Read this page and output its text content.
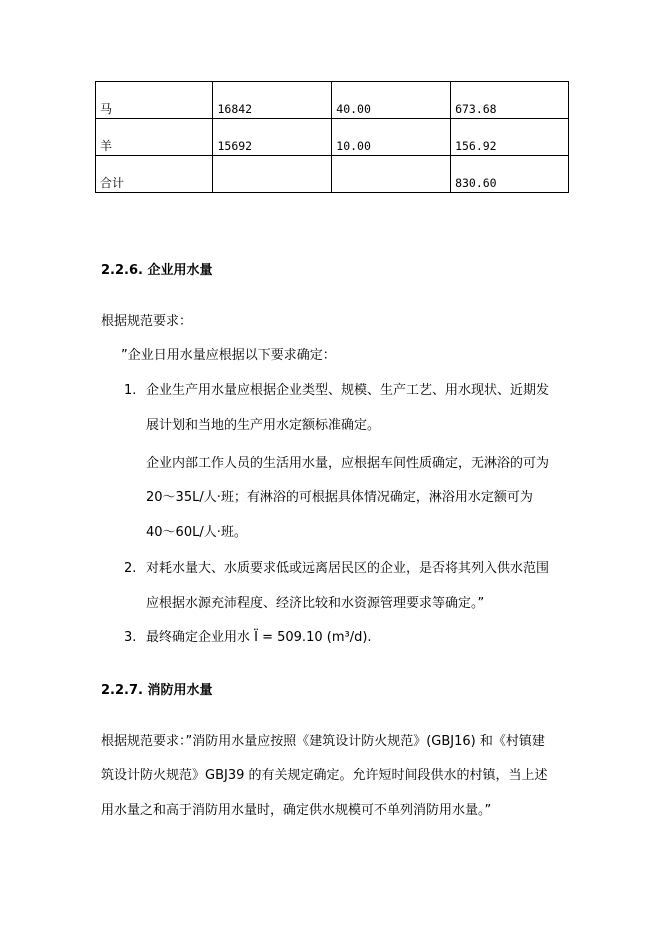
马	16842	40.00	673.68

羊	15692	10.00	156.92

合计			830.60
2.2.6. 企业用水量
根据规范要求：
”企业日用水量应根据以下要求确定：
1. 企业生产用水量应根据企业类型、规模、生产工艺、用水现状、近期发
展计划和当地的生产用水定额标准确定。
企业内部工作人员的生活用水量，应根据车间性质确定，无淋浴的可为
20～35L/人·班；有淋浴的可根据具体情况确定，淋浴用水定额可为
40～60L/人·班。
2. 对耗水量大、水质要求低或远离居民区的企业，是否将其列入供水范围
应根据水源充沛程度、经济比较和水资源管理要求等确定。”
3. 最终确定企业用水 Ï = 509.10 (m³/d).
2.2.7. 消防用水量
根据规范要求：”消防用水量应按照《建筑设计防火规范》(GBJ16) 和《村镇建
筑设计防火规范》GBJ39 的有关规定确定。允许短时间段供水的村镇，当上述
用水量之和高于消防用水量时，确定供水规模可不单列消防用水量。”
